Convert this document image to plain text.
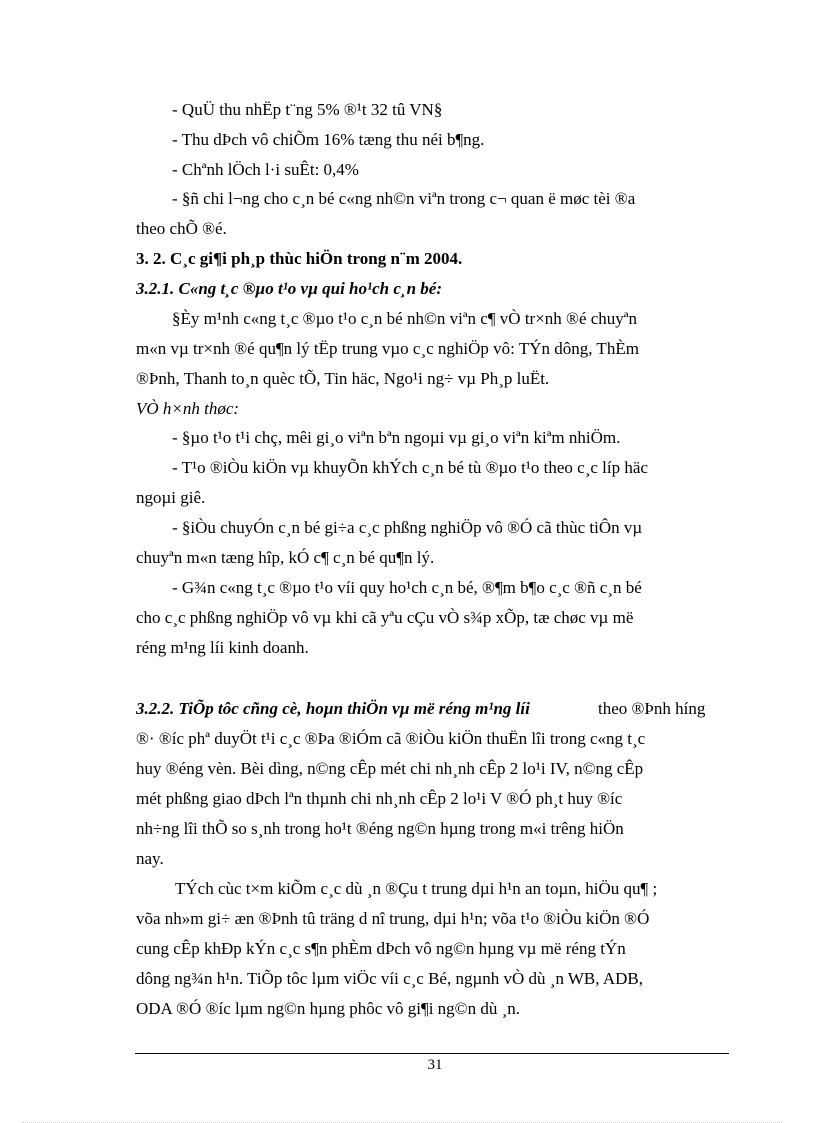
- QuÜ thu nhËp t¨ng 5% ®¹t 32 tû VN§
- Thu dÞch vô chiÕm 16% tæng thu néi b¶ng.
- Chªnh lÖch l·i suÊt: 0,4%
- §ñ chi l¬ng cho c¸n bé c«ng nh©n viªn trong c¬ quan ë møc tèi ®a
theo chÕ ®é.
3. 2. C¸c gi¶i ph¸p thùc hiÖn trong n¨m 2004.
3.2.1. C«ng t¸c ®µo t¹o vµ qui ho¹ch c¸n bé:
§Èy m¹nh c«ng t¸c ®µo t¹o c¸n bé nh©n viªn c¶ vÒ tr×nh ®é chuyªn
m«n vµ tr×nh ®é qu¶n lý tËp trung vµo c¸c nghiÖp vô: TÝn dông, ThÈm
®Þnh, Thanh to¸n quèc tÕ, Tin häc, Ngo¹i ng÷ vµ Ph¸p luËt.
VÒ h×nh thøc:
- §µo t¹o t¹i chç, mêi gi¸o viªn bªn ngoµi vµ gi¸o viªn kiªm nhiÖm.
- T¹o ®iÒu kiÖn vµ khuyÕn khÝch c¸n bé tù ®µo t¹o theo c¸c líp häc
ngoµi giê.
- §iÒu chuyÓn c¸n bé gi÷a c¸c phßng nghiÖp vô ®Ó cã thùc tiÔn vµ
chuyªn m«n tæng hîp, kÓ c¶ c¸n bé qu¶n lý.
- G¾n c«ng t¸c ®µo t¹o víi quy ho¹ch c¸n bé, ®¶m b¶o c¸c ®ñ c¸n bé
cho c¸c phßng nghiÖp vô vµ khi cã yªu cÇu vÒ s¾p xÕp, tæ chøc vµ më
réng m¹ng líi kinh doanh.
3.2.2. TiÕp tôc cñng cè, hoµn thiÖn vµ më réng m¹ng líi	theo ®Þnh híng
®· ®íc phª duyÖt t¹i c¸c ®Þa ®iÓm cã ®iÒu kiÖn thuËn lîi trong c«ng t¸c
huy ®éng vèn. Bèi dìng, n©ng cÊp mét chi nh¸nh cÊp 2 lo¹i IV, n©ng cÊp
mét phßng giao dÞch lªn thµnh chi nh¸nh cÊp 2 lo¹i V ®Ó ph¸t huy ®íc
nh÷ng lîi thÕ so s¸nh trong ho¹t ®éng ng©n hµng trong m«i trêng hiÖn
nay.
TÝch cùc t×m kiÕm c¸c dù ¸n ®Çu t trung dµi h¹n an toµn, hiÖu qu¶ ;
võa nh»m gi÷ æn ®Þnh tû träng d nî trung, dµi h¹n; võa t¹o ®iÒu kiÖn ®Ó
cung cÊp khÐp kÝn c¸c s¶n phÈm dÞch vô ng©n hµng vµ më réng tÝn
dông ng¾n h¹n. TiÕp tôc lµm viÖc víi c¸c Bé, ngµnh vÒ dù ¸n WB, ADB,
ODA ®Ó ®íc lµm ng©n hµng phôc vô gi¶i ng©n dù ¸n.
31
